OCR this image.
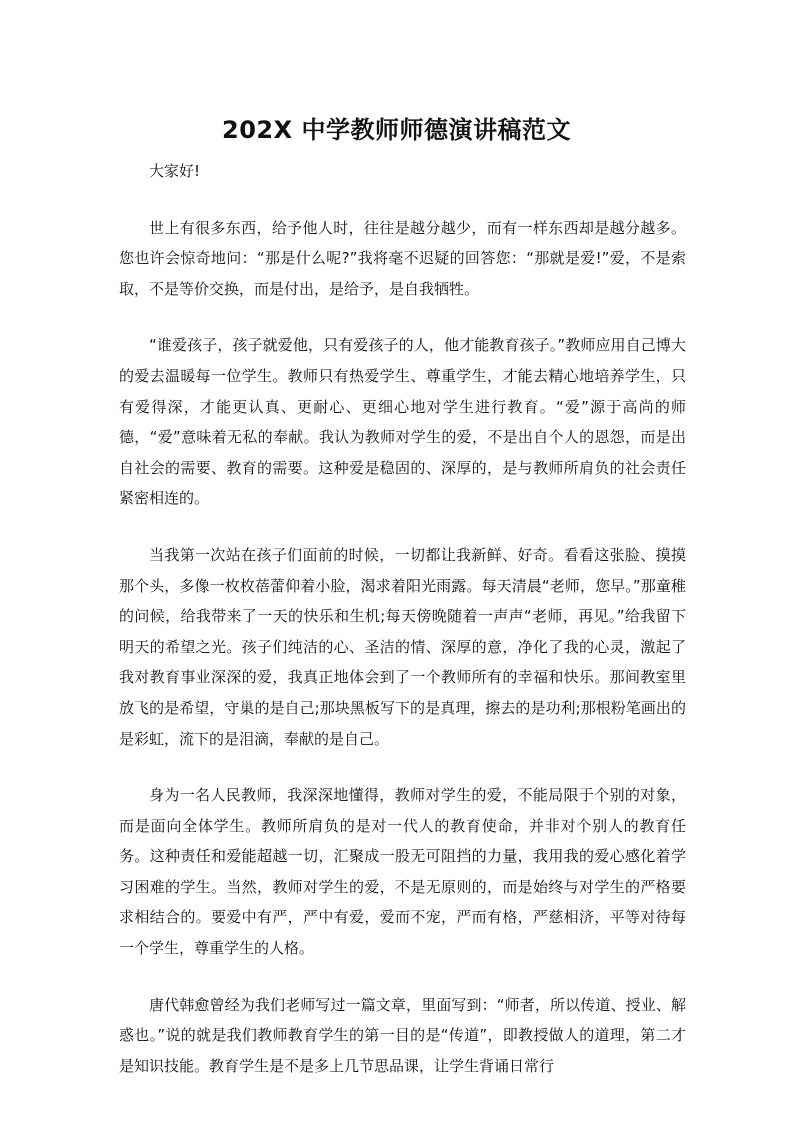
202X 中学教师师德演讲稿范文

大家好!

世上有很多东西，给予他人时，往往是越分越少，而有一样东西却是越分越多。您也许会惊奇地问：“那是什么呢?”我将毫不迟疑的回答您：“那就是爱!”爱，不是索取，不是等价交换，而是付出，是给予，是自我牺牲。

“谁爱孩子，孩子就爱他，只有爱孩子的人，他才能教育孩子。”教师应用自己博大的爱去温暖每一位学生。教师只有热爱学生、尊重学生，才能去精心地培养学生，只有爱得深，才能更认真、更耐心、更细心地对学生进行教育。“爱”源于高尚的师德，“爱”意味着无私的奉献。我认为教师对学生的爱，不是出自个人的恩怨，而是出自社会的需要、教育的需要。这种爱是稳固的、深厚的，是与教师所肩负的社会责任紧密相连的。

当我第一次站在孩子们面前的时候，一切都让我新鲜、好奇。看看这张脸、摸摸那个头，多像一枚枚蓓蕾仰着小脸，渴求着阳光雨露。每天清晨“老师，您早。”那童稚的问候，给我带来了一天的快乐和生机;每天傍晚随着一声声“老师，再见。”给我留下明天的希望之光。孩子们纯洁的心、圣洁的情、深厚的意，净化了我的心灵，激起了我对教育事业深深的爱，我真正地体会到了一个教师所有的幸福和快乐。那间教室里放飞的是希望，守巢的是自己;那块黑板写下的是真理，擦去的是功利;那根粉笔画出的是彩虹，流下的是泪滴，奉献的是自己。

身为一名人民教师，我深深地懂得，教师对学生的爱，不能局限于个别的对象，而是面向全体学生。教师所肩负的是对一代人的教育使命，并非对个别人的教育任务。这种责任和爱能超越一切，汇聚成一股无可阻挡的力量，我用我的爱心感化着学习困难的学生。当然，教师对学生的爱，不是无原则的，而是始终与对学生的严格要求相结合的。要爱中有严，严中有爱，爱而不宠，严而有格，严慈相济，平等对待每一个学生，尊重学生的人格。

唐代韩愈曾经为我们老师写过一篇文章，里面写到：“师者，所以传道、授业、解惑也。”说的就是我们教师教育学生的第一目的是“传道”，即教授做人的道理，第二才是知识技能。教育学生是不是多上几节思品课，让学生背诵日常行
